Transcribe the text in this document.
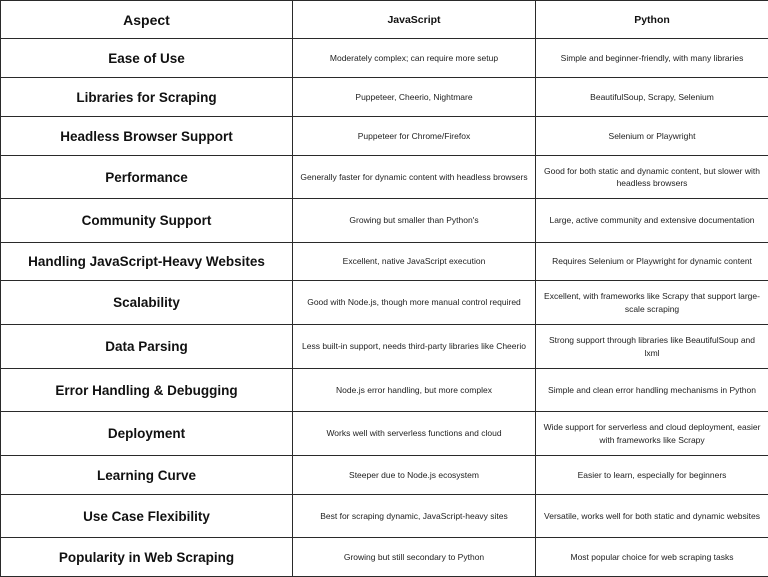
Aspect	JavaScript	Python
Ease of Use	Moderately complex; can require more setup	Simple and beginner-friendly, with many libraries
Libraries for Scraping	Puppeteer, Cheerio, Nightmare	BeautifulSoup, Scrapy, Selenium
Headless Browser Support	Puppeteer for Chrome/Firefox	Selenium or Playwright
Performance	Generally faster for dynamic content with headless browsers	Good for both static and dynamic content, but slower with headless browsers
Community Support	Growing but smaller than Python's	Large, active community and extensive documentation
Handling JavaScript-Heavy Websites	Excellent, native JavaScript execution	Requires Selenium or Playwright for dynamic content
Scalability	Good with Node.js, though more manual control required	Excellent, with frameworks like Scrapy that support large-scale scraping
Data Parsing	Less built-in support, needs third-party libraries like Cheerio	Strong support through libraries like BeautifulSoup and lxml
Error Handling & Debugging	Node.js error handling, but more complex	Simple and clean error handling mechanisms in Python
Deployment	Works well with serverless functions and cloud	Wide support for serverless and cloud deployment, easier with frameworks like Scrapy
Learning Curve	Steeper due to Node.js ecosystem	Easier to learn, especially for beginners
Use Case Flexibility	Best for scraping dynamic, JavaScript-heavy sites	Versatile, works well for both static and dynamic websites
Popularity in Web Scraping	Growing but still secondary to Python	Most popular choice for web scraping tasks
